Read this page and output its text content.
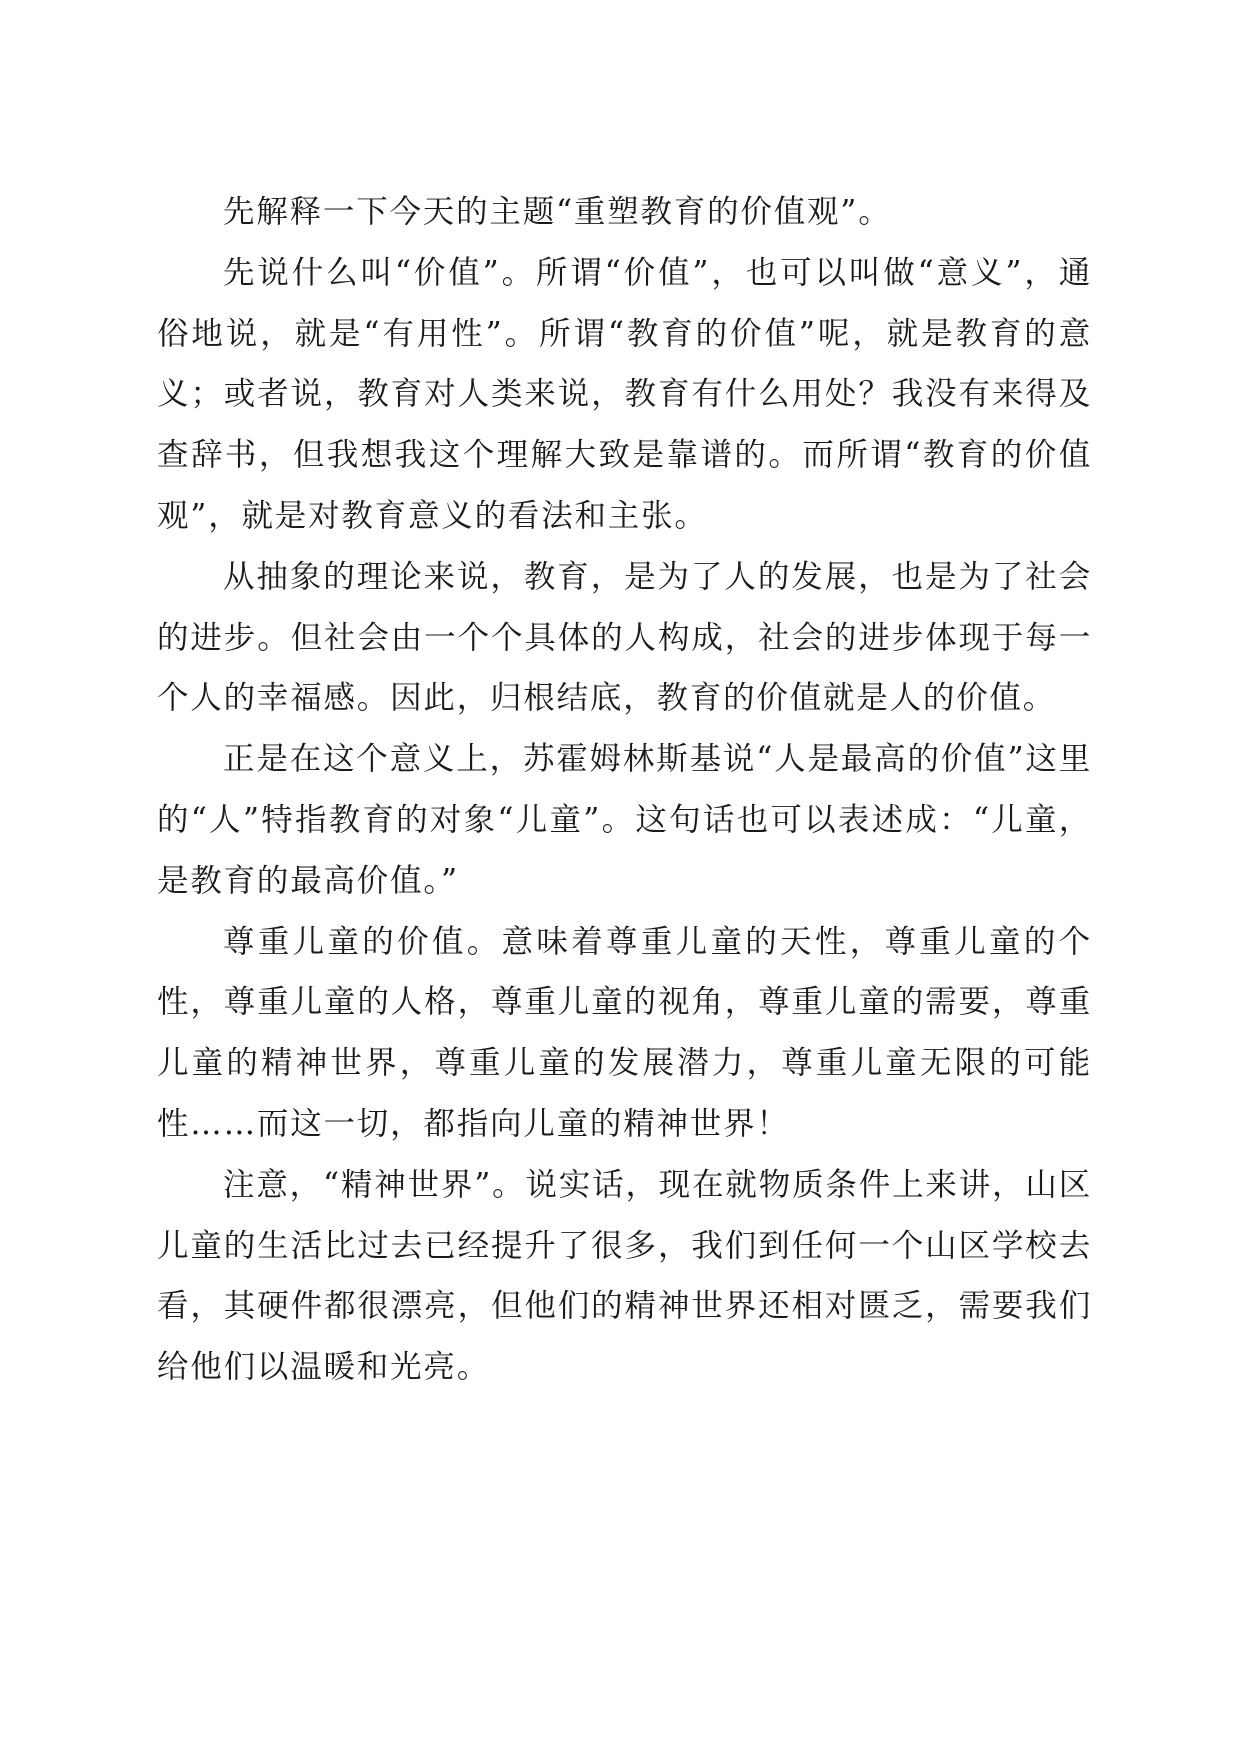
先解释一下今天的主题“重塑教育的价值观”。

先说什么叫“价值”。所谓“价值”，也可以叫做“意义”，通俗地说，就是“有用性”。所谓“教育的价值”呢，就是教育的意义；或者说，教育对人类来说，教育有什么用处？我没有来得及查辞书，但我想我这个理解大致是靠谱的。而所谓“教育的价值观”，就是对教育意义的看法和主张。

从抽象的理论来说，教育，是为了人的发展，也是为了社会的进步。但社会由一个个具体的人构成，社会的进步体现于每一个人的幸福感。因此，归根结底，教育的价值就是人的价值。

正是在这个意义上，苏霍姆林斯基说“人是最高的价值”这里的“人”特指教育的对象“儿童”。这句话也可以表述成：“儿童，是教育的最高价值。”

尊重儿童的价值。意味着尊重儿童的天性，尊重儿童的个性，尊重儿童的人格，尊重儿童的视角，尊重儿童的需要，尊重儿童的精神世界，尊重儿童的发展潜力，尊重儿童无限的可能性……而这一切，都指向儿童的精神世界！

注意，“精神世界”。说实话，现在就物质条件上来讲，山区儿童的生活比过去已经提升了很多，我们到任何一个山区学校去看，其硬件都很漂亮，但他们的精神世界还相对匮乏，需要我们给他们以温暖和光亮。
